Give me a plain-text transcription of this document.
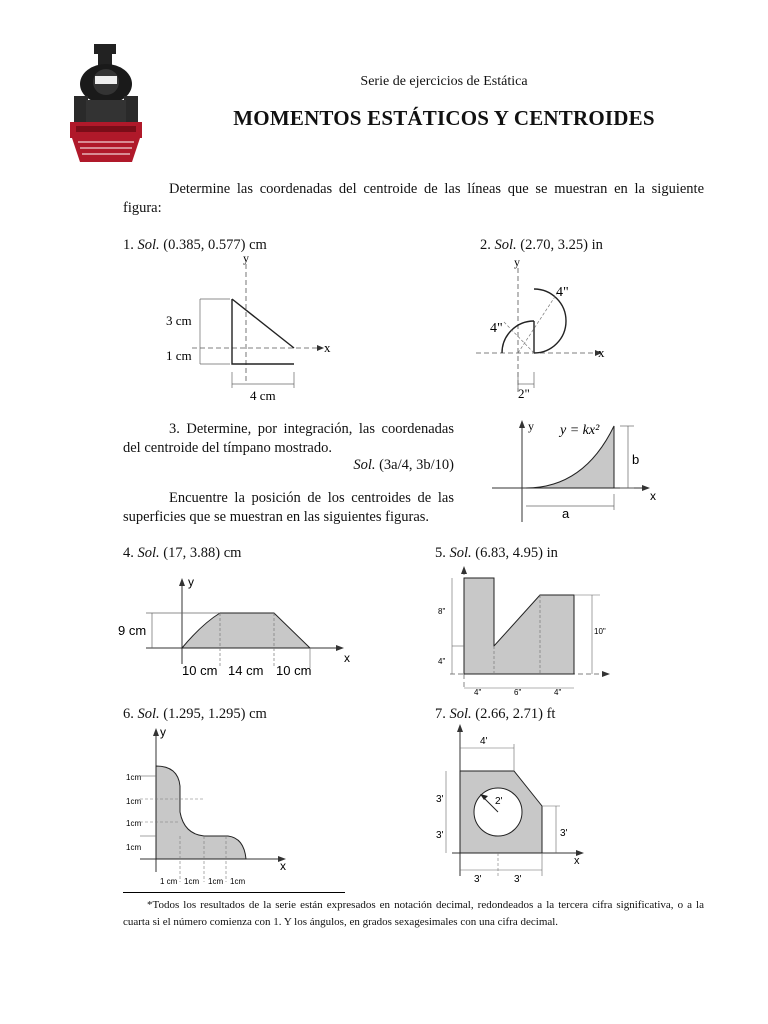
Serie de ejercicios de Estática
MOMENTOS ESTÁTICOS Y CENTROIDES
Determine las coordenadas del centroide de las líneas que se muestran en la siguiente figura:
1. Sol. (0.385, 0.577) cm	2. Sol. (2.70, 3.25) in
y
x
3 cm
1 cm
4 cm
y
x
4"
4"
2"
3. Determine, por integración, las coordenadas del centroide del tímpano mostrado.
Sol. (3a/4, 3b/10)
y
x
b
a
y = kx²
Encuentre la posición de los centroides de las superficies que se muestran en las siguientes figuras.
4. Sol. (17, 3.88) cm	5. Sol. (6.83, 4.95) in
y
x
9 cm
10 cm 14 cm 10 cm
8"
4"
10"
4"	6"	4"
6. Sol. (1.295, 1.295) cm	7. Sol. (2.66, 2.71) ft
y
x
1cm
1cm
1cm
1cm
1 cm 1cm 1cm 1cm
x
2'
4'
3'
3'	3'
3'	3'
*Todos los resultados de la serie están expresados en notación decimal, redondeados a la tercera cifra significativa, o a la cuarta si el número comienza con 1. Y los ángulos, en grados sexagesimales con una cifra decimal.
